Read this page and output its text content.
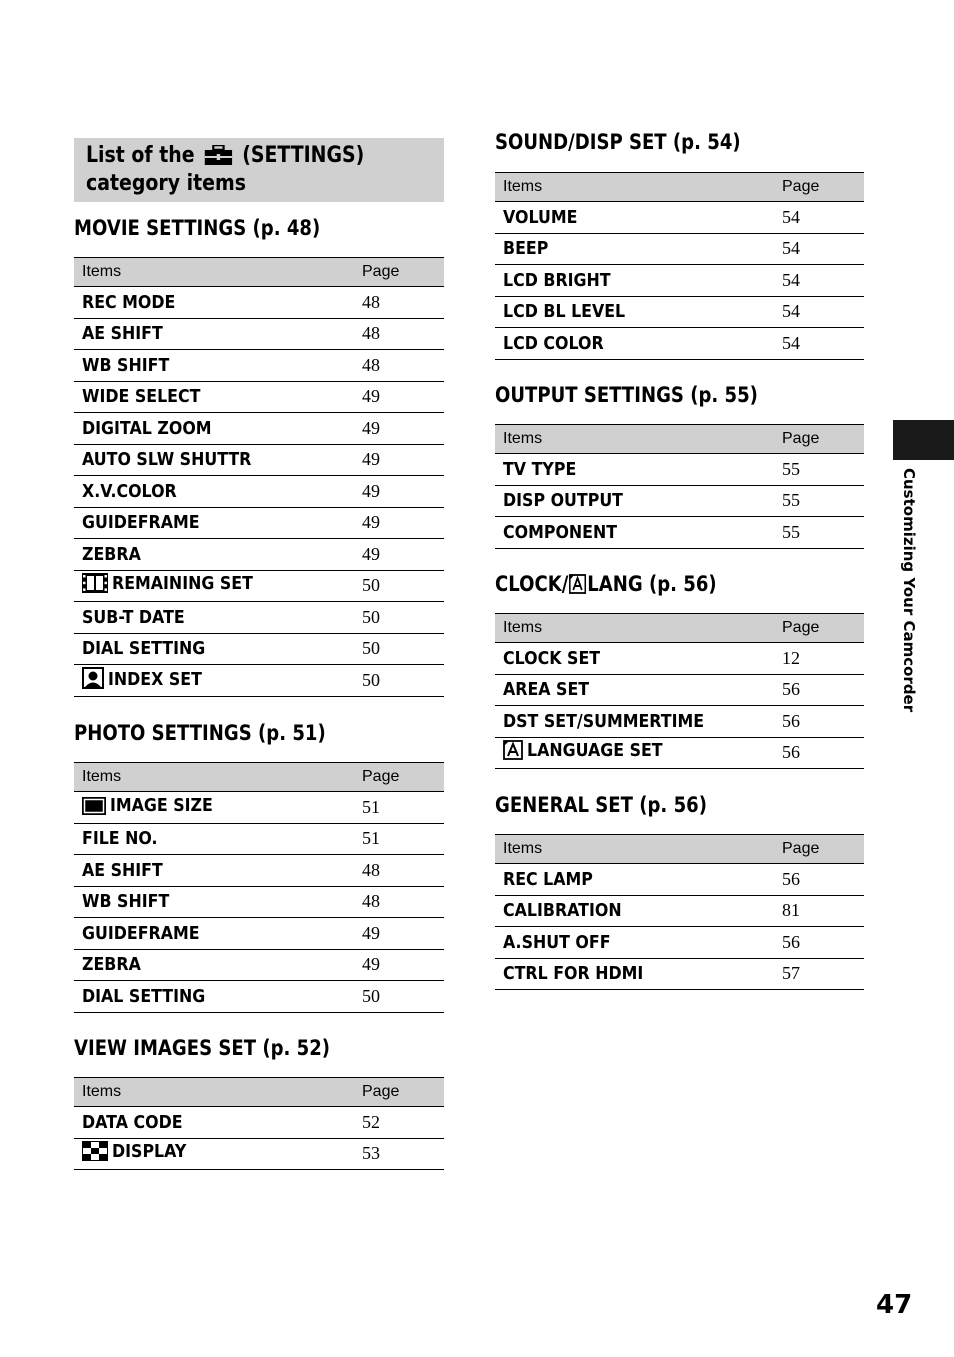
List of the (SETTINGS)
category items
MOVIE SETTINGS (p. 48)
Items	Page
REC MODE	48
AE SHIFT	48
WB SHIFT	48
WIDE SELECT	49
DIGITAL ZOOM	49
AUTO SLW SHUTTR	49
X.V.COLOR	49
GUIDEFRAME	49
ZEBRA	49
REMAINING SET	50
SUB-T DATE	50
DIAL SETTING	50
INDEX SET	50
PHOTO SETTINGS (p. 51)
Items	Page
IMAGE SIZE	51
FILE NO.	51
AE SHIFT	48
WB SHIFT	48
GUIDEFRAME	49
ZEBRA	49
DIAL SETTING	50
VIEW IMAGES SET (p. 52)
Items	Page
DATA CODE	52
DISPLAY	53
SOUND/DISP SET (p. 54)
Items	Page
VOLUME	54
BEEP	54
LCD BRIGHT	54
LCD BL LEVEL	54
LCD COLOR	54
OUTPUT SETTINGS (p. 55)
Items	Page
TV TYPE	55
DISP OUTPUT	55
COMPONENT	55
CLOCK/ LANG (p. 56)
Items	Page
CLOCK SET	12
AREA SET	56
DST SET/SUMMERTIME	56
LANGUAGE SET	56
GENERAL SET (p. 56)
Items	Page
REC LAMP	56
CALIBRATION	81
A.SHUT OFF	56
CTRL FOR HDMI	57
Customizing Your Camcorder
47
